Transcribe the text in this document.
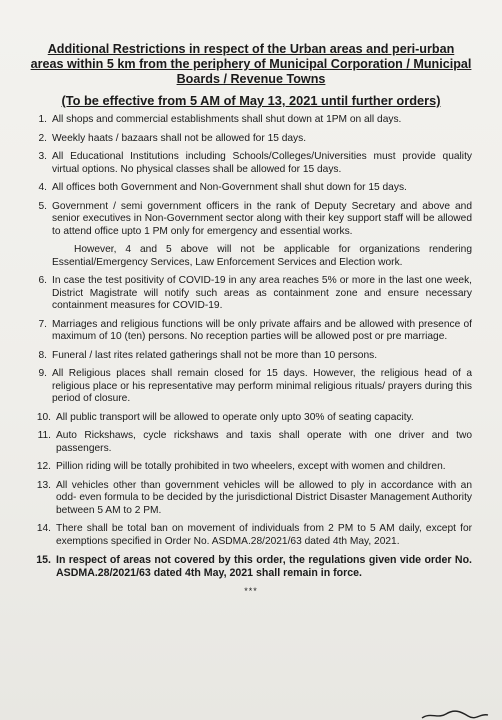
Additional Restrictions in respect of the Urban areas and peri-urban areas within 5 km from the periphery of Municipal Corporation / Municipal Boards / Revenue Towns
(To be effective from 5 AM of May 13, 2021 until further orders)
1. All shops and commercial establishments shall shut down at 1PM on all days.
2. Weekly haats / bazaars shall not be allowed for 15 days.
3. All Educational Institutions including Schools/Colleges/Universities must provide quality virtual options. No physical classes shall be allowed for 15 days.
4. All offices both Government and Non-Government shall shut down for 15 days.
5. Government / semi government officers in the rank of Deputy Secretary and above and senior executives in Non-Government sector along with their key support staff will be allowed to attend office upto 1 PM only for emergency and essential works.
However, 4 and 5 above will not be applicable for organizations rendering Essential/Emergency Services, Law Enforcement Services and Election work.
6. In case the test positivity of COVID-19 in any area reaches 5% or more in the last one week, District Magistrate will notify such areas as containment zone and ensure necessary containment measures for COVID-19.
7. Marriages and religious functions will be only private affairs and be allowed with presence of maximum of 10 (ten) persons. No reception parties will be allowed post or pre marriage.
8. Funeral / last rites related gatherings shall not be more than 10 persons.
9. All Religious places shall remain closed for 15 days. However, the religious head of a religious place or his representative may perform minimal religious rituals/ prayers during this period of closure.
10. All public transport will be allowed to operate only upto 30% of seating capacity.
11. Auto Rickshaws, cycle rickshaws and taxis shall operate with one driver and two passengers.
12. Pillion riding will be totally prohibited in two wheelers, except with women and children.
13. All vehicles other than government vehicles will be allowed to ply in accordance with an odd- even formula to be decided by the jurisdictional District Disaster Management Authority between 5 AM to 2 PM.
14. There shall be total ban on movement of individuals from 2 PM to 5 AM daily, except for exemptions specified in Order No. ASDMA.28/2021/63 dated 4th May, 2021.
15. In respect of areas not covered by this order, the regulations given vide order No. ASDMA.28/2021/63 dated 4th May, 2021 shall remain in force.
***
